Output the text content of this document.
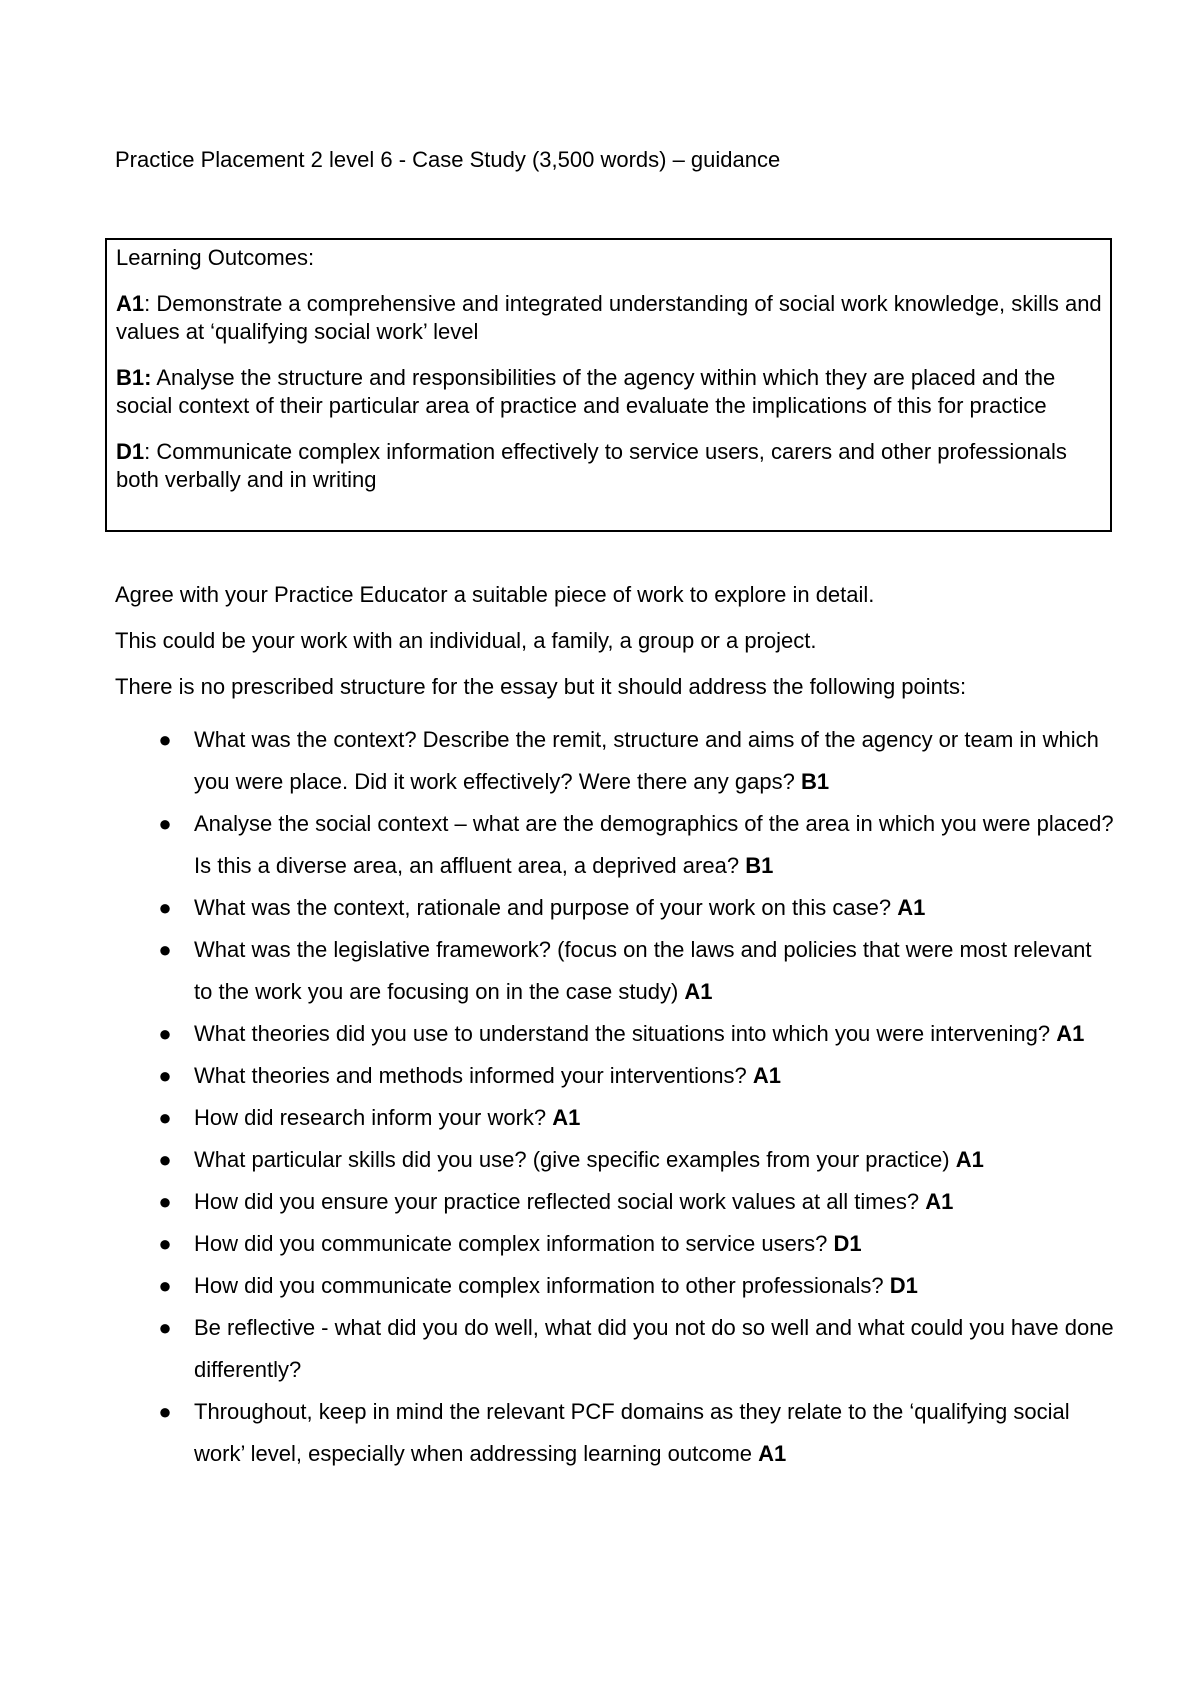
Practice Placement 2 level 6 - Case Study (3,500 words) – guidance
Learning Outcomes:
A1: Demonstrate a comprehensive and integrated understanding of social work knowledge, skills and values at ‘qualifying social work’ level
B1: Analyse the structure and responsibilities of the agency within which they are placed and the social context of their particular area of practice and evaluate the implications of this for practice
D1: Communicate complex information effectively to service users, carers and other professionals both verbally and in writing

Agree with your Practice Educator a suitable piece of work to explore in detail.

This could be your work with an individual, a family, a group or a project.

There is no prescribed structure for the essay but it should address the following points:

● What was the context? Describe the remit, structure and aims of the agency or team in which you were place. Did it work effectively? Were there any gaps? B1
● Analyse the social context – what are the demographics of the area in which you were placed? Is this a diverse area, an affluent area, a deprived area? B1
● What was the context, rationale and purpose of your work on this case? A1
● What was the legislative framework? (focus on the laws and policies that were most relevant to the work you are focusing on in the case study) A1
● What theories did you use to understand the situations into which you were intervening? A1
● What theories and methods informed your interventions? A1
● How did research inform your work? A1
● What particular skills did you use? (give specific examples from your practice) A1
● How did you ensure your practice reflected social work values at all times? A1
● How did you communicate complex information to service users? D1
● How did you communicate complex information to other professionals? D1
● Be reflective - what did you do well, what did you not do so well and what could you have done differently?
● Throughout, keep in mind the relevant PCF domains as they relate to the ‘qualifying social work’ level, especially when addressing learning outcome A1
